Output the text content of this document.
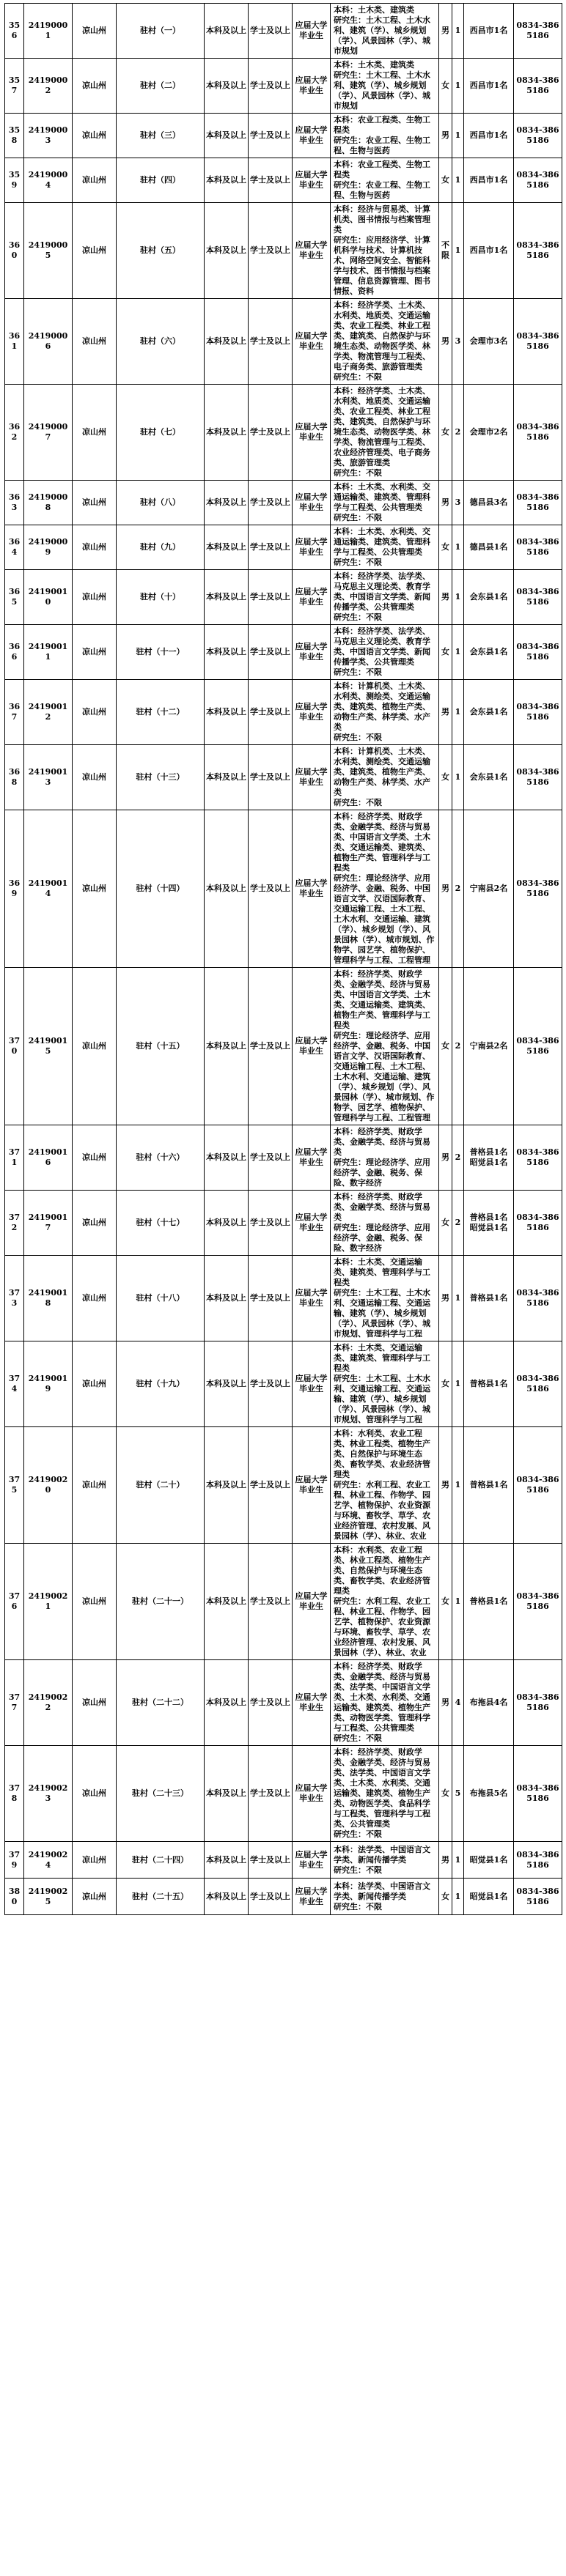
356	24190001	凉山州	驻村（一）	本科及以上	学士及以上	应届大学毕业生	本科：土木类、建筑类

研究生：土木工程、土木水利、建筑（学）、城乡规划（学）、风景园林（学）、城市规划	男	1	西昌市1名	0834-3865186
357	24190002	凉山州	驻村（二）	本科及以上	学士及以上	应届大学毕业生	本科：土木类、建筑类

研究生：土木工程、土木水利、建筑（学）、城乡规划（学）、风景园林（学）、城市规划	女	1	西昌市1名	0834-3865186
358	24190003	凉山州	驻村（三）	本科及以上	学士及以上	应届大学毕业生	本科：农业工程类、生物工程类

研究生：农业工程、生物工程、生物与医药	男	1	西昌市1名	0834-3865186
359	24190004	凉山州	驻村（四）	本科及以上	学士及以上	应届大学毕业生	本科：农业工程类、生物工程类

研究生：农业工程、生物工程、生物与医药	女	1	西昌市1名	0834-3865186
360	24190005	凉山州	驻村（五）	本科及以上	学士及以上	应届大学毕业生	本科：经济与贸易类、计算机类、图书情报与档案管理类

研究生：应用经济学、计算机科学与技术、计算机技术、网络空间安全、智能科学与技术、图书情报与档案管理、信息资源管理、图书情报、资料	不限	1	西昌市1名	0834-3865186
361	24190006	凉山州	驻村（六）	本科及以上	学士及以上	应届大学毕业生	本科：经济学类、土木类、水利类、地质类、交通运输类、农业工程类、林业工程类、建筑类、自然保护与环境生态类、动物医学类、林学类、物流管理与工程类、电子商务类、旅游管理类

研究生：不限	男	3	会理市3名	0834-3865186
362	24190007	凉山州	驻村（七）	本科及以上	学士及以上	应届大学毕业生	本科：经济学类、土木类、水利类、地质类、交通运输类、农业工程类、林业工程类、建筑类、自然保护与环境生态类、动物医学类、林学类、物流管理与工程类、农业经济管理类、电子商务类、旅游管理类

研究生：不限	女	2	会理市2名	0834-3865186
363	24190008	凉山州	驻村（八）	本科及以上	学士及以上	应届大学毕业生	本科：土木类、水利类、交通运输类、建筑类、管理科学与工程类、公共管理类

研究生：不限	男	3	德昌县3名	0834-3865186
364	24190009	凉山州	驻村（九）	本科及以上	学士及以上	应届大学毕业生	本科：土木类、水利类、交通运输类、建筑类、管理科学与工程类、公共管理类

研究生：不限	女	1	德昌县1名	0834-3865186
365	24190010	凉山州	驻村（十）	本科及以上	学士及以上	应届大学毕业生	本科：经济学类、法学类、马克思主义理论类、教育学类、中国语言文学类、新闻传播学类、公共管理类

研究生：不限	男	1	会东县1名	0834-3865186
366	24190011	凉山州	驻村（十一）	本科及以上	学士及以上	应届大学毕业生	本科：经济学类、法学类、马克思主义理论类、教育学类、中国语言文学类、新闻传播学类、公共管理类

研究生：不限	女	1	会东县1名	0834-3865186
367	24190012	凉山州	驻村（十二）	本科及以上	学士及以上	应届大学毕业生	本科：计算机类、土木类、水利类、测绘类、交通运输类、建筑类、植物生产类、动物生产类、林学类、水产类

研究生：不限	男	1	会东县1名	0834-3865186
368	24190013	凉山州	驻村（十三）	本科及以上	学士及以上	应届大学毕业生	本科：计算机类、土木类、水利类、测绘类、交通运输类、建筑类、植物生产类、动物生产类、林学类、水产类

研究生：不限	女	1	会东县1名	0834-3865186
369	24190014	凉山州	驻村（十四）	本科及以上	学士及以上	应届大学毕业生	本科：经济学类、财政学类、金融学类、经济与贸易类、中国语言文学类、土木类、交通运输类、建筑类、植物生产类、管理科学与工程类

研究生：理论经济学、应用经济学、金融、税务、中国语言文学、汉语国际教育、交通运输工程、土木工程、土木水利、交通运输、建筑（学）、城乡规划（学）、风景园林（学）、城市规划、作物学、园艺学、植物保护、管理科学与工程、工程管理	男	2	宁南县2名	0834-3865186
370	24190015	凉山州	驻村（十五）	本科及以上	学士及以上	应届大学毕业生	本科：经济学类、财政学类、金融学类、经济与贸易类、中国语言文学类、土木类、交通运输类、建筑类、植物生产类、管理科学与工程类

研究生：理论经济学、应用经济学、金融、税务、中国语言文学、汉语国际教育、交通运输工程、土木工程、土木水利、交通运输、建筑（学）、城乡规划（学）、风景园林（学）、城市规划、作物学、园艺学、植物保护、管理科学与工程、工程管理	女	2	宁南县2名	0834-3865186
371	24190016	凉山州	驻村（十六）	本科及以上	学士及以上	应届大学毕业生	本科：经济学类、财政学类、金融学类、经济与贸易类

研究生：理论经济学、应用经济学、金融、税务、保险、数字经济	男	2	普格县1名 昭觉县1名	0834-3865186
372	24190017	凉山州	驻村（十七）	本科及以上	学士及以上	应届大学毕业生	本科：经济学类、财政学类、金融学类、经济与贸易类

研究生：理论经济学、应用经济学、金融、税务、保险、数字经济	女	2	普格县1名 昭觉县1名	0834-3865186
373	24190018	凉山州	驻村（十八）	本科及以上	学士及以上	应届大学毕业生	本科：土木类、交通运输类、建筑类、管理科学与工程类

研究生：土木工程、土木水利、交通运输工程、交通运输、建筑（学）、城乡规划（学）、风景园林（学）、城市规划、管理科学与工程	男	1	普格县1名	0834-3865186
374	24190019	凉山州	驻村（十九）	本科及以上	学士及以上	应届大学毕业生	本科：土木类、交通运输类、建筑类、管理科学与工程类

研究生：土木工程、土木水利、交通运输工程、交通运输、建筑（学）、城乡规划（学）、风景园林（学）、城市规划、管理科学与工程	女	1	普格县1名	0834-3865186
375	24190020	凉山州	驻村（二十）	本科及以上	学士及以上	应届大学毕业生	本科：水利类、农业工程类、林业工程类、植物生产类、自然保护与环境生态类、畜牧学类、农业经济管理类

研究生：水利工程、农业工程、林业工程、作物学、园艺学、植物保护、农业资源与环境、畜牧学、草学、农业经济管理、农村发展、风景园林（学）、林业、农业	男	1	普格县1名	0834-3865186
376	24190021	凉山州	驻村（二十一）	本科及以上	学士及以上	应届大学毕业生	本科：水利类、农业工程类、林业工程类、植物生产类、自然保护与环境生态类、畜牧学类、农业经济管理类

研究生：水利工程、农业工程、林业工程、作物学、园艺学、植物保护、农业资源与环境、畜牧学、草学、农业经济管理、农村发展、风景园林（学）、林业、农业	女	1	普格县1名	0834-3865186
377	24190022	凉山州	驻村（二十二）	本科及以上	学士及以上	应届大学毕业生	本科：经济学类、财政学类、金融学类、经济与贸易类、法学类、中国语言文学类、土木类、水利类、交通运输类、建筑类、植物生产类、动物医学类、管理科学与工程类、公共管理类

研究生：不限	男	4	布拖县4名	0834-3865186
378	24190023	凉山州	驻村（二十三）	本科及以上	学士及以上	应届大学毕业生	本科：经济学类、财政学类、金融学类、经济与贸易类、法学类、中国语言文学类、土木类、水利类、交通运输类、建筑类、植物生产类、动物医学类、食品科学与工程类、管理科学与工程类、公共管理类

研究生：不限	女	5	布拖县5名	0834-3865186
379	24190024	凉山州	驻村（二十四）	本科及以上	学士及以上	应届大学毕业生	本科：法学类、中国语言文学类、新闻传播学类

研究生：不限	男	1	昭觉县1名	0834-3865186
380	24190025	凉山州	驻村（二十五）	本科及以上	学士及以上	应届大学毕业生	本科：法学类、中国语言文学类、新闻传播学类

研究生：不限	女	1	昭觉县1名	0834-3865186
